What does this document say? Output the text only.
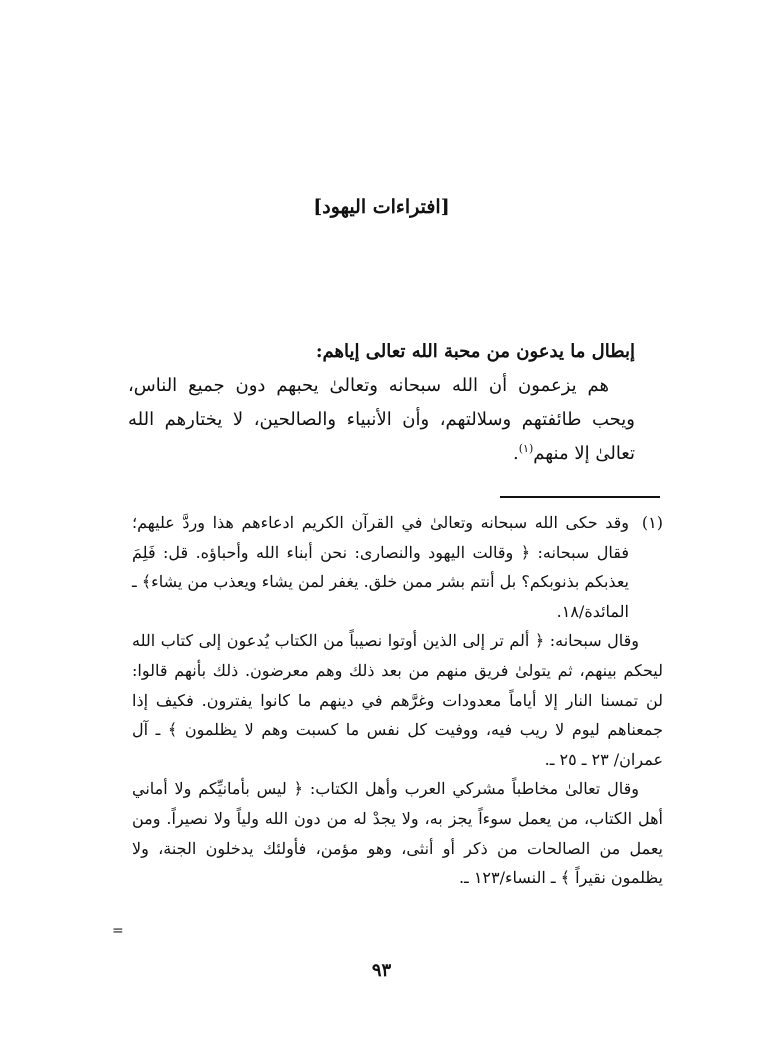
[افتراءات اليهود]

إبطال ما يدعون من محبة الله تعالى إياهم:

هم يزعمون أن الله سبحانه وتعالىٰ يحبهم دون جميع الناس، ويحب طائفتهم وسلالتهم، وأن الأنبياء والصالحين، لا يختارهم الله تعالىٰ إلا منهم$^{(١)}$.

(١)
وقد حكى الله سبحانه وتعالىٰ في القرآن الكريم ادعاءهم هذا وردَّ عليهم؛ فقال سبحانه: ﴿ وقالت اليهود والنصارى: نحن أبناء الله وأحباؤه. قل: فَلِمَ يعذبكم بذنوبكم؟ بل أنتم بشر ممن خلق. يغفر لمن يشاء ويعذب من يشاء﴾ ـ المائدة/١٨.

وقال سبحانه: ﴿ ألم تر إلى الذين أوتوا نصيباً من الكتاب يُدعون إلى كتاب الله ليحكم بينهم، ثم يتولىٰ فريق منهم من بعد ذلك وهم معرضون. ذلك بأنهم قالوا: لن تمسنا النار إلا أياماً معدودات وغرَّهم في دينهم ما كانوا يفترون. فكيف إذا جمعناهم ليوم لا ريب فيه، ووفيت كل نفس ما كسبت وهم لا يظلمون ﴾ ـ آل عمران/ ٢٣ ـ ٢٥ ـ.

وقال تعالىٰ مخاطباً مشركي العرب وأهل الكتاب: ﴿ ليس بأمانيِّكم ولا أماني أهل الكتاب، من يعمل سوءاً يجز به، ولا يجدْ له من دون الله ولياً ولا نصيراً. ومن يعمل من الصالحات من ذكر أو أنثى، وهو مؤمن، فأولئك يدخلون الجنة، ولا يظلمون نقيراً ﴾ ـ النساء/١٢٣ ـ.

=
٩٣
